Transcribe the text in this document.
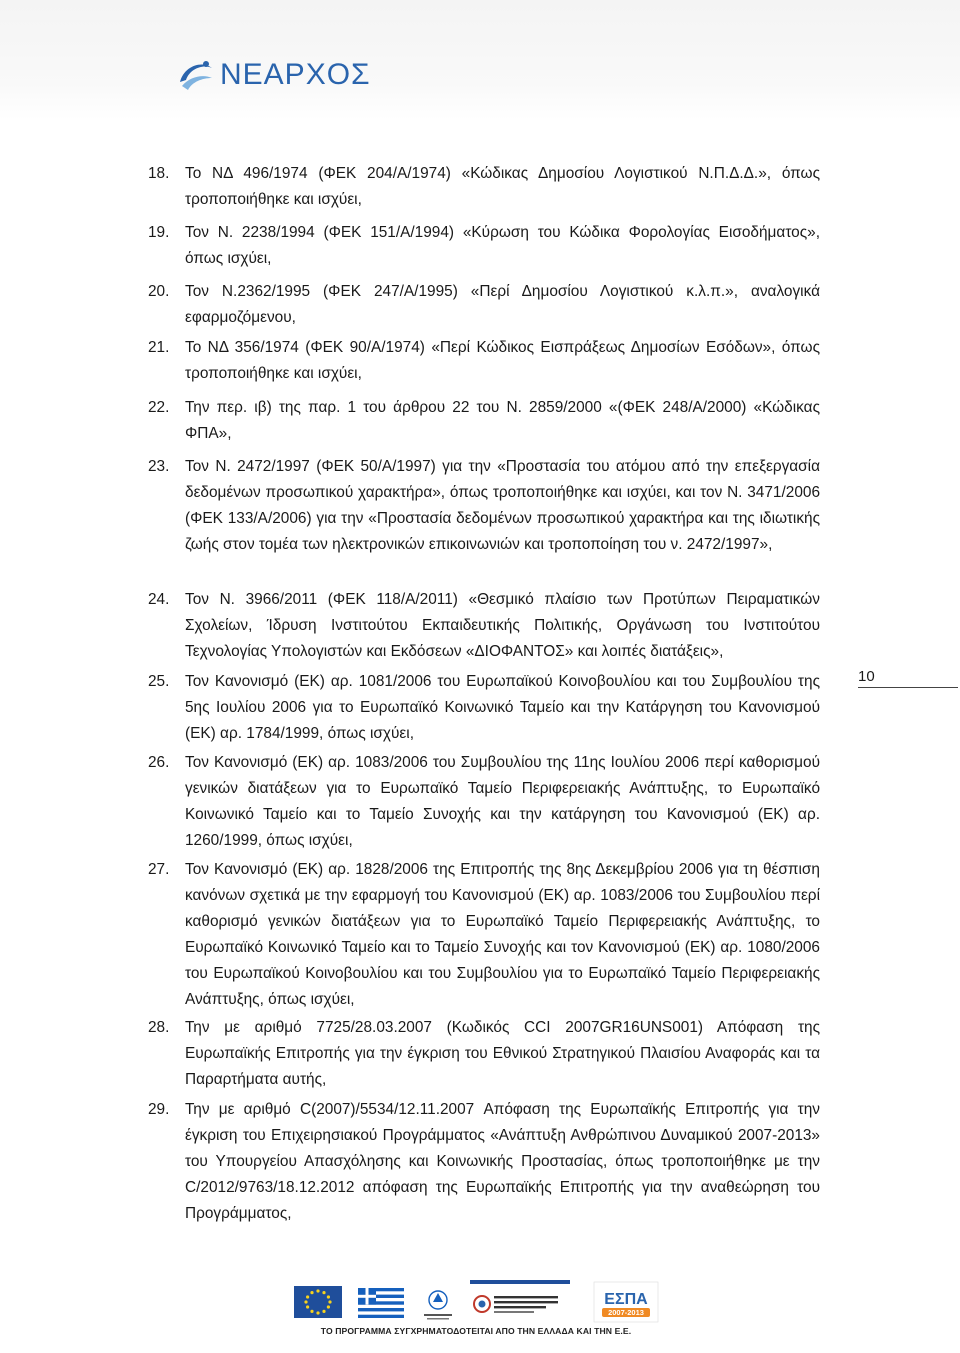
ΝΕΑΡΧΟΣ
10
18.	Το ΝΔ 496/1974 (ΦΕΚ 204/Α/1974) «Κώδικας Δημοσίου Λογιστικού Ν.Π.Δ.Δ.», όπως τροποποιήθηκε και ισχύει,
19.	Τον Ν. 2238/1994 (ΦΕΚ 151/Α/1994) «Κύρωση του Κώδικα Φορολογίας Εισοδήματος», όπως ισχύει,
20.	Τον Ν.2362/1995 (ΦΕΚ 247/Α/1995) «Περί Δημοσίου Λογιστικού κ.λ.π.», αναλογικά εφαρμοζόμενου,
21.	Το ΝΔ 356/1974 (ΦΕΚ 90/Α/1974) «Περί Κώδικος Εισπράξεως Δημοσίων Εσόδων», όπως τροποποιήθηκε και ισχύει,
22.	Την περ. ιβ) της παρ. 1 του άρθρου 22 του Ν. 2859/2000 «(ΦΕΚ 248/Α/2000) «Κώδικας ΦΠΑ»,
23.	Τον Ν. 2472/1997 (ΦΕΚ 50/Α/1997) για την «Προστασία του ατόμου από την επεξεργασία δεδομένων προσωπικού χαρακτήρα», όπως τροποποιήθηκε και ισχύει, και τον Ν. 3471/2006 (ΦΕΚ 133/Α/2006) για την «Προστασία δεδομένων προσωπικού χαρακτήρα και της ιδιωτικής ζωής στον τομέα των ηλεκτρονικών επικοινωνιών και τροποποίηση του ν. 2472/1997»,
24.	Τον Ν. 3966/2011 (ΦΕΚ 118/Α/2011) «Θεσμικό πλαίσιο των Προτύπων Πειραματικών Σχολείων, Ίδρυση Ινστιτούτου Εκπαιδευτικής Πολιτικής, Οργάνωση του Ινστιτούτου Τεχνολογίας Υπολογιστών και Εκδόσεων «ΔΙΟΦΑΝΤΟΣ» και λοιπές διατάξεις»,
25.	Τον Κανονισμό (ΕΚ) αρ. 1081/2006 του Ευρωπαϊκού Κοινοβουλίου και του Συμβουλίου της 5ης Ιουλίου 2006 για το Ευρωπαϊκό Κοινωνικό Ταμείο και την Κατάργηση του Κανονισμού (ΕΚ) αρ. 1784/1999, όπως ισχύει,
26.	Τον Κανονισμό (ΕΚ) αρ. 1083/2006 του Συμβουλίου της 11ης Ιουλίου 2006 περί καθορισμού γενικών διατάξεων για το Ευρωπαϊκό Ταμείο Περιφερειακής Ανάπτυξης, το Ευρωπαϊκό Κοινωνικό Ταμείο και το Ταμείο Συνοχής και την κατάργηση του Κανονισμού (ΕΚ) αρ. 1260/1999, όπως ισχύει,
27.	Τον Κανονισμό (ΕΚ) αρ. 1828/2006 της Επιτροπής της 8ης Δεκεμβρίου 2006 για τη θέσπιση κανόνων σχετικά με την εφαρμογή του Κανονισμού (ΕΚ) αρ. 1083/2006 του Συμβουλίου περί καθορισμό γενικών διατάξεων για το Ευρωπαϊκό Ταμείο Περιφερειακής Ανάπτυξης, το Ευρωπαϊκό Κοινωνικό Ταμείο και το Ταμείο Συνοχής και τον Κανονισμού (ΕΚ) αρ. 1080/2006 του Ευρωπαϊκού Κοινοβουλίου και του Συμβουλίου για το Ευρωπαϊκό Ταμείο Περιφερειακής Ανάπτυξης, όπως ισχύει,
28.	Την με αριθμό 7725/28.03.2007 (Κωδικός CCI 2007GR16UNS001) Απόφαση της Ευρωπαϊκής Επιτροπής για την έγκριση του Εθνικού Στρατηγικού Πλαισίου Αναφοράς και τα Παραρτήματα αυτής,
29.	Την με αριθμό C(2007)/5534/12.11.2007 Απόφαση της Ευρωπαϊκής Επιτροπής για την έγκριση του Επιχειρησιακού Προγράμματος «Ανάπτυξη Ανθρώπινου Δυναμικού 2007-2013» του Υπουργείου Απασχόλησης και Κοινωνικής Προστασίας, όπως τροποποιήθηκε με την C/2012/9763/18.12.2012 απόφαση της Ευρωπαϊκής Επιτροπής για την αναθεώρηση του Προγράμματος,
ΕΣΠΑ
2007-2013
ΤΟ ΠΡΟΓΡΑΜΜΑ ΣΥΓΧΡΗΜΑΤΟΔΟΤΕΙΤΑΙ ΑΠΟ ΤΗΝ ΕΛΛΑΔΑ ΚΑΙ ΤΗΝ Ε.Ε.
